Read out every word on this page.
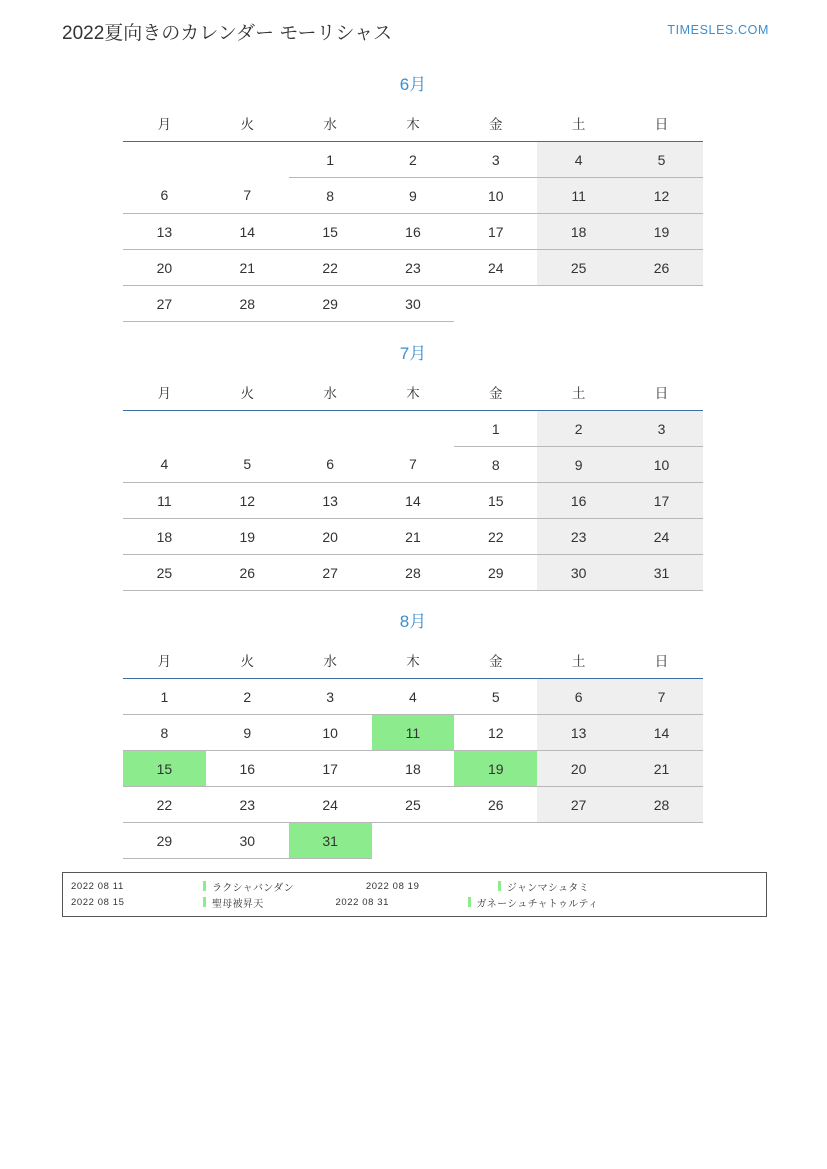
2022夏向きのカレンダー モーリシャス	TIMESLES.COM
6月
月	火	水	木	金	土	日
		1	2	3	4	5
6	7	8	9	10	11	12
13	14	15	16	17	18	19
20	21	22	23	24	25	26
27	28	29	30			
7月
月	火	水	木	金	土	日
				1	2	3
4	5	6	7	8	9	10
11	12	13	14	15	16	17
18	19	20	21	22	23	24
25	26	27	28	29	30	31
8月
月	火	水	木	金	土	日
1	2	3	4	5	6	7
8	9	10	11	12	13	14
15	16	17	18	19	20	21
22	23	24	25	26	27	28
29	30	31				
2022 08 11	ラクシャバンダン	2022 08 19	ジャンマシュタミ
2022 08 15	聖母被昇天	2022 08 31	ガネーシュチャトゥルティ
